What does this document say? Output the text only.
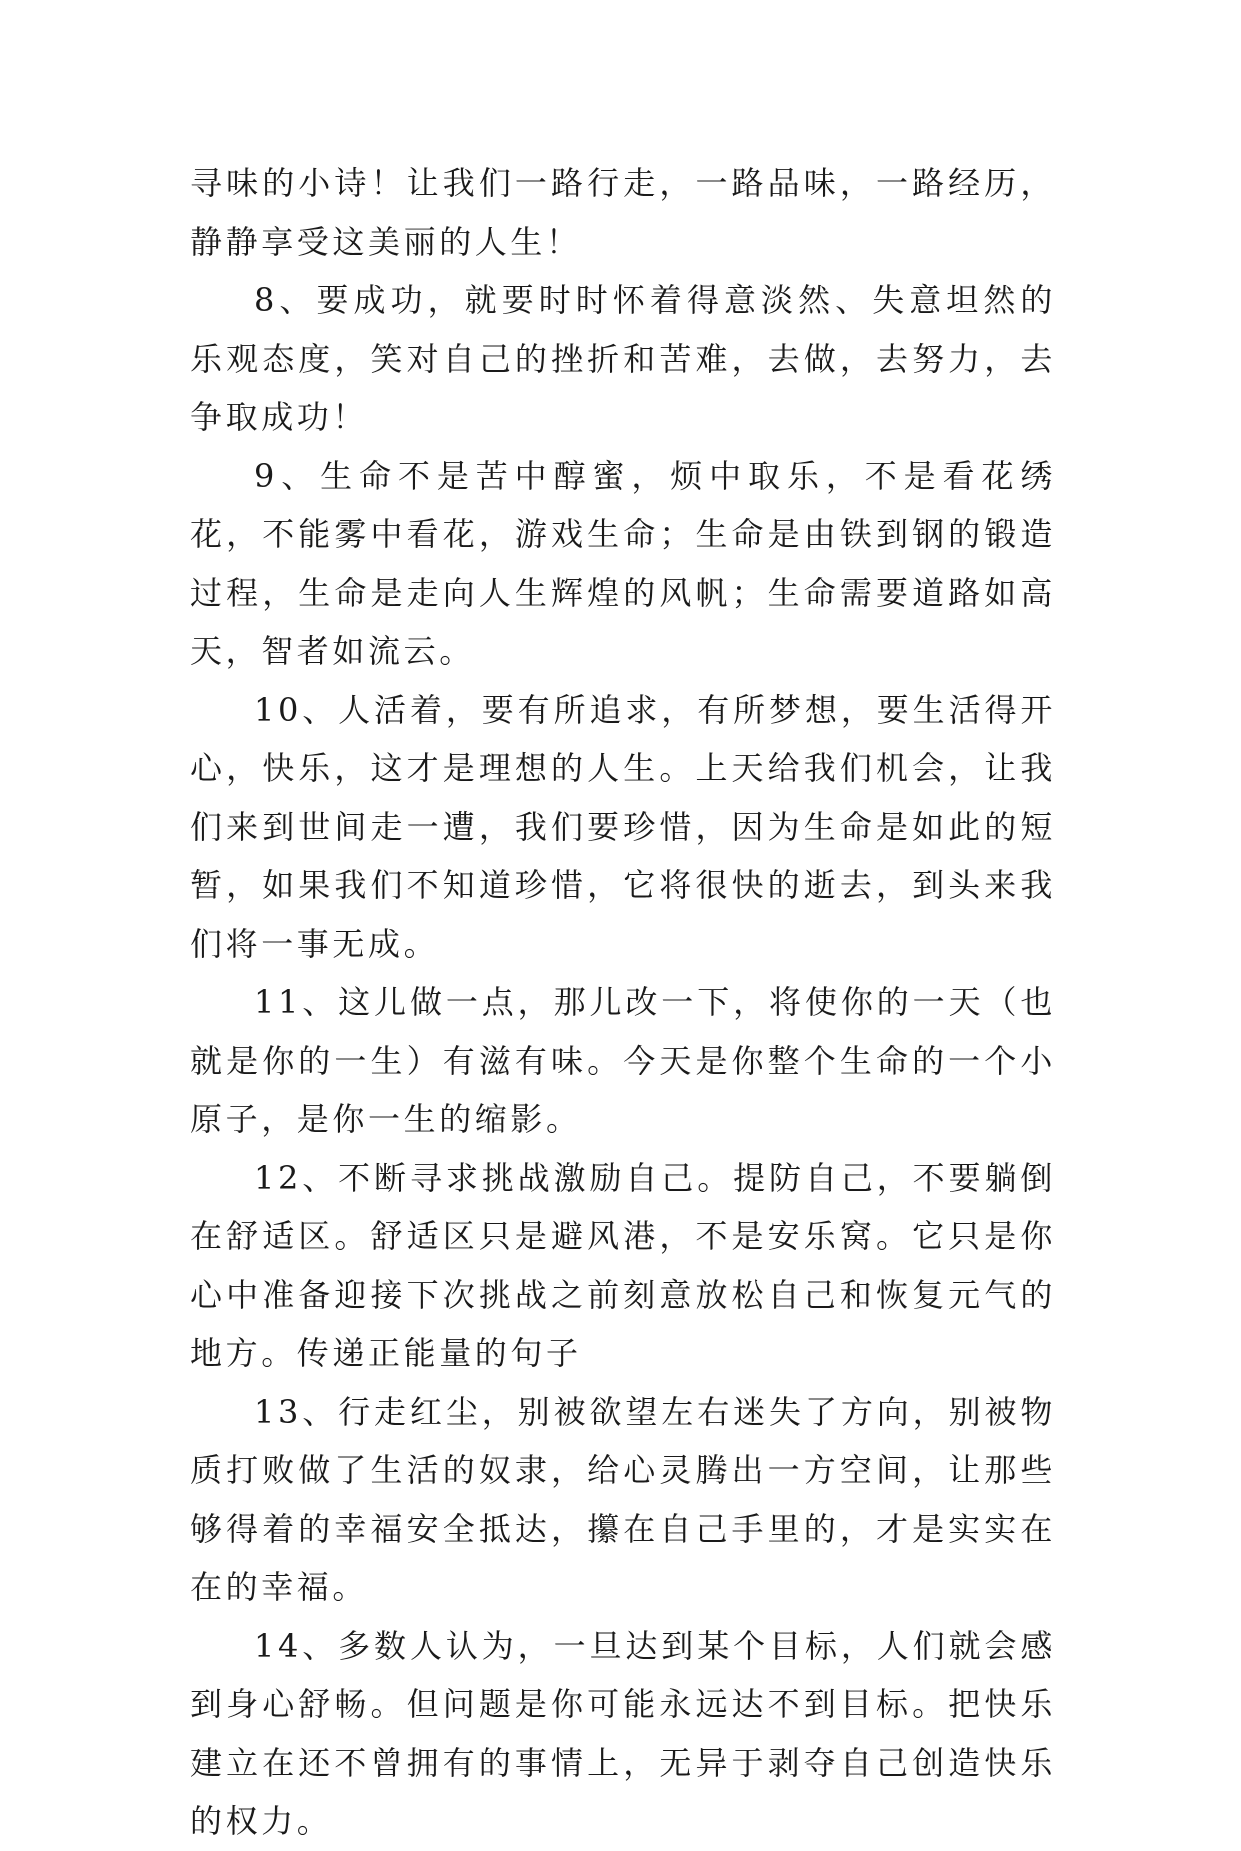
寻味的小诗！让我们一路行走，一路品味，一路经历，静静享受这美丽的人生！

8、要成功，就要时时怀着得意淡然、失意坦然的乐观态度，笑对自己的挫折和苦难，去做，去努力，去争取成功！

9、生命不是苦中醇蜜，烦中取乐，不是看花绣花，不能雾中看花，游戏生命；生命是由铁到钢的锻造过程，生命是走向人生辉煌的风帆；生命需要道路如高天，智者如流云。

10、人活着，要有所追求，有所梦想，要生活得开心，快乐，这才是理想的人生。上天给我们机会，让我们来到世间走一遭，我们要珍惜，因为生命是如此的短暂，如果我们不知道珍惜，它将很快的逝去，到头来我们将一事无成。

11、这儿做一点，那儿改一下，将使你的一天（也就是你的一生）有滋有味。今天是你整个生命的一个小原子，是你一生的缩影。

12、不断寻求挑战激励自己。提防自己，不要躺倒在舒适区。舒适区只是避风港，不是安乐窝。它只是你心中准备迎接下次挑战之前刻意放松自己和恢复元气的地方。传递正能量的句子

13、行走红尘，别被欲望左右迷失了方向，别被物质打败做了生活的奴隶，给心灵腾出一方空间，让那些够得着的幸福安全抵达，攥在自己手里的，才是实实在在的幸福。

14、多数人认为，一旦达到某个目标，人们就会感到身心舒畅。但问题是你可能永远达不到目标。把快乐建立在还不曾拥有的事情上，无异于剥夺自己创造快乐的权力。
